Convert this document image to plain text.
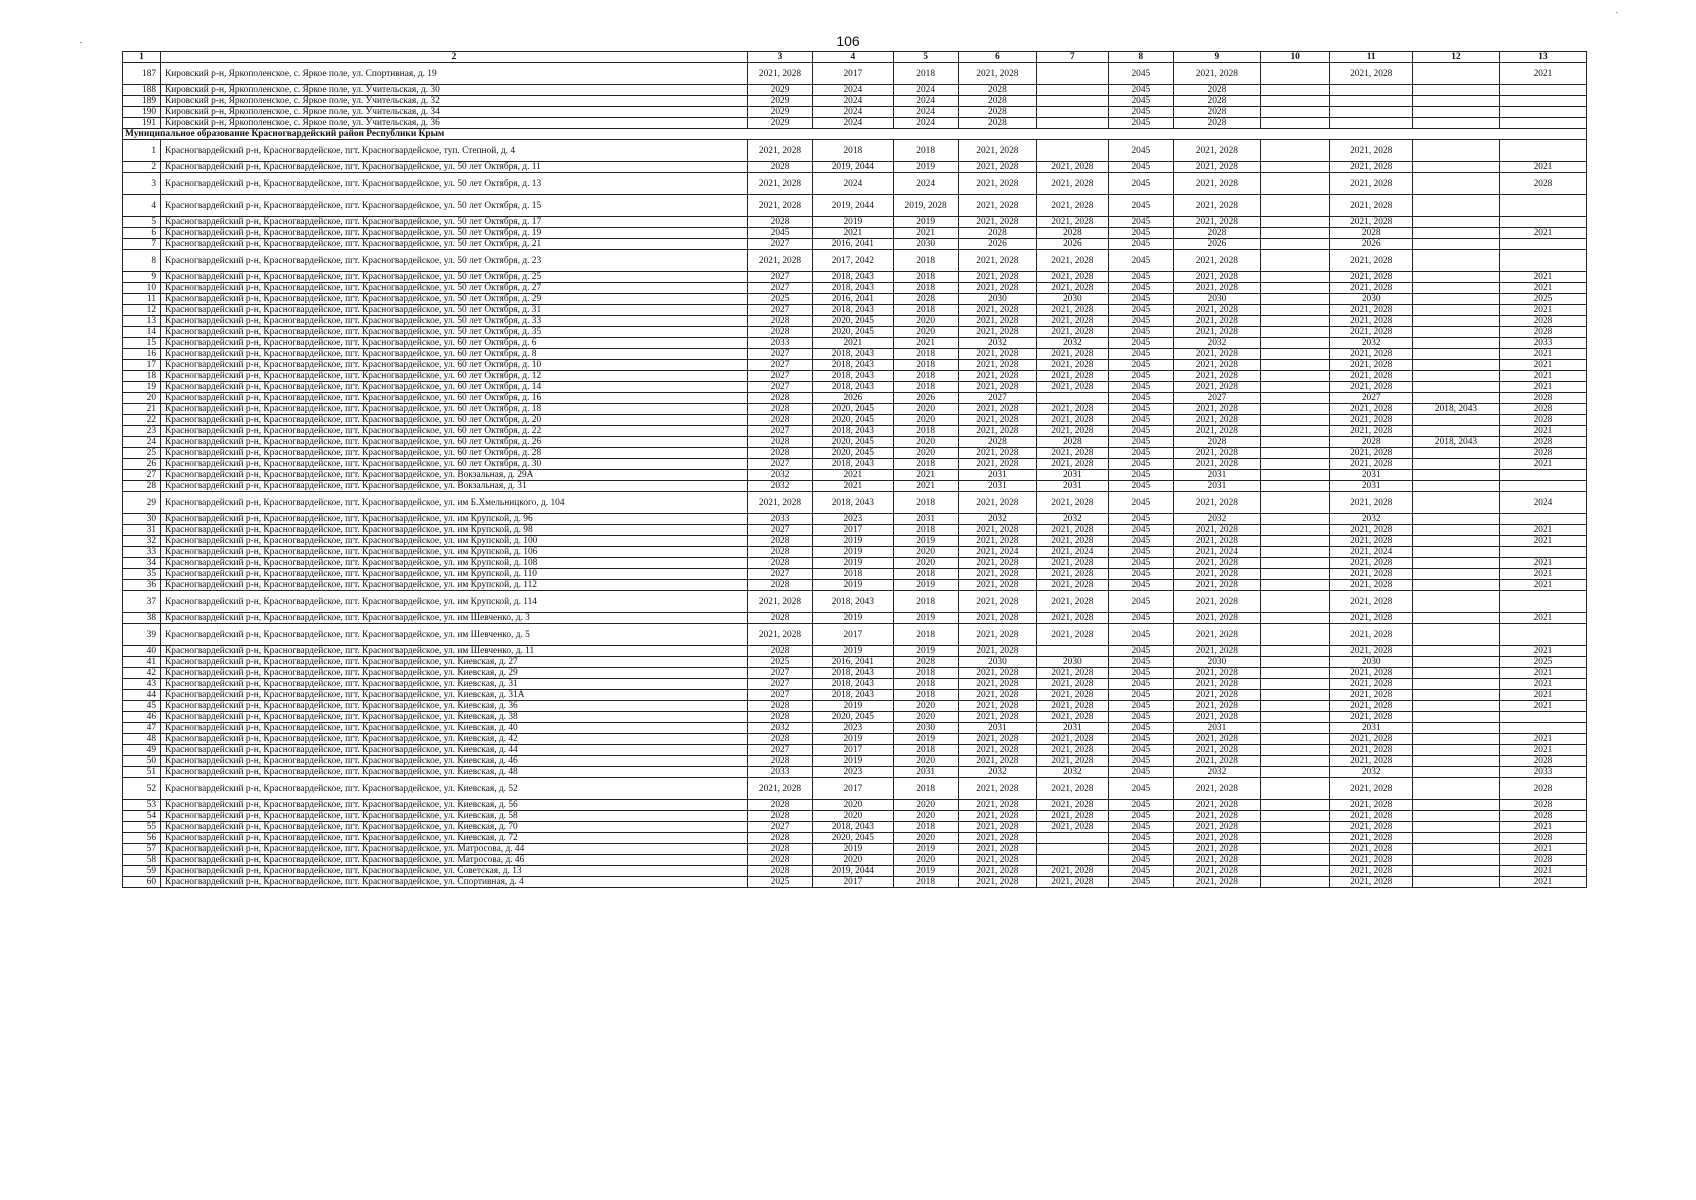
106
1	2	3	4	5	6	7	8	9	10	11	12	13
187	Кировский р-н, Яркополенское, с. Яркое поле, ул. Спортивная, д. 19	2021, 2028	2017	2018	2021, 2028		2045	2021, 2028		2021, 2028		2021
188	Кировский р-н, Яркополенское, с. Яркое поле, ул. Учительская, д. 30	2029	2024	2024	2028		2045	2028				
189	Кировский р-н, Яркополенское, с. Яркое поле, ул. Учительская, д. 32	2029	2024	2024	2028		2045	2028				
190	Кировский р-н, Яркополенское, с. Яркое поле, ул. Учительская, д. 34	2029	2024	2024	2028		2045	2028				
191	Кировский р-н, Яркополенское, с. Яркое поле, ул. Учительская, д. 36	2029	2024	2024	2028		2045	2028				
Муниципальное образование Красногвардейский район Республики Крым												
1	Красногвардейский р-н, Красногвардейское, пгт. Красногвардейское, туп. Степной, д. 4	2021, 2028	2018	2018	2021, 2028		2045	2021, 2028		2021, 2028		
2	Красногвардейский р-н, Красногвардейское, пгт. Красногвардейское, ул. 50 лет Октября, д. 11	2028	2019, 2044	2019	2021, 2028	2021, 2028	2045	2021, 2028		2021, 2028		2021
3	Красногвардейский р-н, Красногвардейское, пгт. Красногвардейское, ул. 50 лет Октября, д. 13	2021, 2028	2024	2024	2021, 2028	2021, 2028	2045	2021, 2028		2021, 2028		2028
4	Красногвардейский р-н, Красногвардейское, пгт. Красногвардейское, ул. 50 лет Октября, д. 15	2021, 2028	2019, 2044	2019, 2028	2021, 2028	2021, 2028	2045	2021, 2028		2021, 2028		
5	Красногвардейский р-н, Красногвардейское, пгт. Красногвардейское, ул. 50 лет Октября, д. 17	2028	2019	2019	2021, 2028	2021, 2028	2045	2021, 2028		2021, 2028		
6	Красногвардейский р-н, Красногвардейское, пгт. Красногвардейское, ул. 50 лет Октября, д. 19	2045	2021	2021	2028	2028	2045	2028		2028		2021
7	Красногвардейский р-н, Красногвардейское, пгт. Красногвардейское, ул. 50 лет Октября, д. 21	2027	2016, 2041	2030	2026	2026	2045	2026		2026		
8	Красногвардейский р-н, Красногвардейское, пгт. Красногвардейское, ул. 50 лет Октября, д. 23	2021, 2028	2017, 2042	2018	2021, 2028	2021, 2028	2045	2021, 2028		2021, 2028		
9	Красногвардейский р-н, Красногвардейское, пгт. Красногвардейское, ул. 50 лет Октября, д. 25	2027	2018, 2043	2018	2021, 2028	2021, 2028	2045	2021, 2028		2021, 2028		2021
10	Красногвардейский р-н, Красногвардейское, пгт. Красногвардейское, ул. 50 лет Октября, д. 27	2027	2018, 2043	2018	2021, 2028	2021, 2028	2045	2021, 2028		2021, 2028		2021
11	Красногвардейский р-н, Красногвардейское, пгт. Красногвардейское, ул. 50 лет Октября, д. 29	2025	2016, 2041	2028	2030	2030	2045	2030		2030		2025
12	Красногвардейский р-н, Красногвардейское, пгт. Красногвардейское, ул. 50 лет Октября, д. 31	2027	2018, 2043	2018	2021, 2028	2021, 2028	2045	2021, 2028		2021, 2028		2021
13	Красногвардейский р-н, Красногвардейское, пгт. Красногвардейское, ул. 50 лет Октября, д. 33	2028	2020, 2045	2020	2021, 2028	2021, 2028	2045	2021, 2028		2021, 2028		2028
14	Красногвардейский р-н, Красногвардейское, пгт. Красногвардейское, ул. 50 лет Октября, д. 35	2028	2020, 2045	2020	2021, 2028	2021, 2028	2045	2021, 2028		2021, 2028		2028
15	Красногвардейский р-н, Красногвардейское, пгт. Красногвардейское, ул. 60 лет Октября, д. 6	2033	2021	2021	2032	2032	2045	2032		2032		2033
16	Красногвардейский р-н, Красногвардейское, пгт. Красногвардейское, ул. 60 лет Октября, д. 8	2027	2018, 2043	2018	2021, 2028	2021, 2028	2045	2021, 2028		2021, 2028		2021
17	Красногвардейский р-н, Красногвардейское, пгт. Красногвардейское, ул. 60 лет Октября, д. 10	2027	2018, 2043	2018	2021, 2028	2021, 2028	2045	2021, 2028		2021, 2028		2021
18	Красногвардейский р-н, Красногвардейское, пгт. Красногвардейское, ул. 60 лет Октября, д. 12	2027	2018, 2043	2018	2021, 2028	2021, 2028	2045	2021, 2028		2021, 2028		2021
19	Красногвардейский р-н, Красногвардейское, пгт. Красногвардейское, ул. 60 лет Октября, д. 14	2027	2018, 2043	2018	2021, 2028	2021, 2028	2045	2021, 2028		2021, 2028		2021
20	Красногвардейский р-н, Красногвардейское, пгт. Красногвардейское, ул. 60 лет Октября, д. 16	2028	2026	2026	2027		2045	2027		2027		2028
21	Красногвардейский р-н, Красногвардейское, пгт. Красногвардейское, ул. 60 лет Октября, д. 18	2028	2020, 2045	2020	2021, 2028	2021, 2028	2045	2021, 2028		2021, 2028	2018, 2043	2028
22	Красногвардейский р-н, Красногвардейское, пгт. Красногвардейское, ул. 60 лет Октября, д. 20	2028	2020, 2045	2020	2021, 2028	2021, 2028	2045	2021, 2028		2021, 2028		2028
23	Красногвардейский р-н, Красногвардейское, пгт. Красногвардейское, ул. 60 лет Октября, д. 22	2027	2018, 2043	2018	2021, 2028	2021, 2028	2045	2021, 2028		2021, 2028		2021
24	Красногвардейский р-н, Красногвардейское, пгт. Красногвардейское, ул. 60 лет Октября, д. 26	2028	2020, 2045	2020	2028	2028	2045	2028		2028	2018, 2043	2028
25	Красногвардейский р-н, Красногвардейское, пгт. Красногвардейское, ул. 60 лет Октября, д. 28	2028	2020, 2045	2020	2021, 2028	2021, 2028	2045	2021, 2028		2021, 2028		2028
26	Красногвардейский р-н, Красногвардейское, пгт. Красногвардейское, ул. 60 лет Октября, д. 30	2027	2018, 2043	2018	2021, 2028	2021, 2028	2045	2021, 2028		2021, 2028		2021
27	Красногвардейский р-н, Красногвардейское, пгт. Красногвардейское, ул. Вокзальная, д. 29А	2032	2021	2021	2031	2031	2045	2031		2031		
28	Красногвардейский р-н, Красногвардейское, пгт. Красногвардейское, ул. Вокзальная, д. 31	2032	2021	2021	2031	2031	2045	2031		2031		
29	Красногвардейский р-н, Красногвардейское, пгт. Красногвардейское, ул. им Б.Хмельницкого, д. 104	2021, 2028	2018, 2043	2018	2021, 2028	2021, 2028	2045	2021, 2028		2021, 2028		2024
30	Красногвардейский р-н, Красногвардейское, пгт. Красногвардейское, ул. им Крупской, д. 96	2033	2023	2031	2032	2032	2045	2032		2032		
31	Красногвардейский р-н, Красногвардейское, пгт. Красногвардейское, ул. им Крупской, д. 98	2027	2017	2018	2021, 2028	2021, 2028	2045	2021, 2028		2021, 2028		2021
32	Красногвардейский р-н, Красногвардейское, пгт. Красногвардейское, ул. им Крупской, д. 100	2028	2019	2019	2021, 2028	2021, 2028	2045	2021, 2028		2021, 2028		2021
33	Красногвардейский р-н, Красногвардейское, пгт. Красногвардейское, ул. им Крупской, д. 106	2028	2019	2020	2021, 2024	2021, 2024	2045	2021, 2024		2021, 2024		
34	Красногвардейский р-н, Красногвардейское, пгт. Красногвардейское, ул. им Крупской, д. 108	2028	2019	2020	2021, 2028	2021, 2028	2045	2021, 2028		2021, 2028		2021
35	Красногвардейский р-н, Красногвардейское, пгт. Красногвардейское, ул. им Крупской, д. 110	2027	2018	2018	2021, 2028	2021, 2028	2045	2021, 2028		2021, 2028		2021
36	Красногвардейский р-н, Красногвардейское, пгт. Красногвардейское, ул. им Крупской, д. 112	2028	2019	2019	2021, 2028	2021, 2028	2045	2021, 2028		2021, 2028		2021
37	Красногвардейский р-н, Красногвардейское, пгт. Красногвардейское, ул. им Крупской, д. 114	2021, 2028	2018, 2043	2018	2021, 2028	2021, 2028	2045	2021, 2028		2021, 2028		
38	Красногвардейский р-н, Красногвардейское, пгт. Красногвардейское, ул. им Шевченко, д. 3	2028	2019	2019	2021, 2028	2021, 2028	2045	2021, 2028		2021, 2028		2021
39	Красногвардейский р-н, Красногвардейское, пгт. Красногвардейское, ул. им Шевченко, д. 5	2021, 2028	2017	2018	2021, 2028	2021, 2028	2045	2021, 2028		2021, 2028		
40	Красногвардейский р-н, Красногвардейское, пгт. Красногвардейское, ул. им Шевченко, д. 11	2028	2019	2019	2021, 2028		2045	2021, 2028		2021, 2028		2021
41	Красногвардейский р-н, Красногвардейское, пгт. Красногвардейское, ул. Киевская, д. 27	2025	2016, 2041	2028	2030	2030	2045	2030		2030		2025
42	Красногвардейский р-н, Красногвардейское, пгт. Красногвардейское, ул. Киевская, д. 29	2027	2018, 2043	2018	2021, 2028	2021, 2028	2045	2021, 2028		2021, 2028		2021
43	Красногвардейский р-н, Красногвардейское, пгт. Красногвардейское, ул. Киевская, д. 31	2027	2018, 2043	2018	2021, 2028	2021, 2028	2045	2021, 2028		2021, 2028		2021
44	Красногвардейский р-н, Красногвардейское, пгт. Красногвардейское, ул. Киевская, д. 31А	2027	2018, 2043	2018	2021, 2028	2021, 2028	2045	2021, 2028		2021, 2028		2021
45	Красногвардейский р-н, Красногвардейское, пгт. Красногвардейское, ул. Киевская, д. 36	2028	2019	2020	2021, 2028	2021, 2028	2045	2021, 2028		2021, 2028		2021
46	Красногвардейский р-н, Красногвардейское, пгт. Красногвардейское, ул. Киевская, д. 38	2028	2020, 2045	2020	2021, 2028	2021, 2028	2045	2021, 2028		2021, 2028		
47	Красногвардейский р-н, Красногвардейское, пгт. Красногвардейское, ул. Киевская, д. 40	2032	2023	2030	2031	2031	2045	2031		2031		
48	Красногвардейский р-н, Красногвардейское, пгт. Красногвардейское, ул. Киевская, д. 42	2028	2019	2019	2021, 2028	2021, 2028	2045	2021, 2028		2021, 2028		2021
49	Красногвардейский р-н, Красногвардейское, пгт. Красногвардейское, ул. Киевская, д. 44	2027	2017	2018	2021, 2028	2021, 2028	2045	2021, 2028		2021, 2028		2021
50	Красногвардейский р-н, Красногвардейское, пгт. Красногвардейское, ул. Киевская, д. 46	2028	2019	2020	2021, 2028	2021, 2028	2045	2021, 2028		2021, 2028		2028
51	Красногвардейский р-н, Красногвардейское, пгт. Красногвардейское, ул. Киевская, д. 48	2033	2023	2031	2032	2032	2045	2032		2032		2033
52	Красногвардейский р-н, Красногвардейское, пгт. Красногвардейское, ул. Киевская, д. 52	2021, 2028	2017	2018	2021, 2028	2021, 2028	2045	2021, 2028		2021, 2028		2028
53	Красногвардейский р-н, Красногвардейское, пгт. Красногвардейское, ул. Киевская, д. 56	2028	2020	2020	2021, 2028	2021, 2028	2045	2021, 2028		2021, 2028		2028
54	Красногвардейский р-н, Красногвардейское, пгт. Красногвардейское, ул. Киевская, д. 58	2028	2020	2020	2021, 2028	2021, 2028	2045	2021, 2028		2021, 2028		2028
55	Красногвардейский р-н, Красногвардейское, пгт. Красногвардейское, ул. Киевская, д. 70	2027	2018, 2043	2018	2021, 2028	2021, 2028	2045	2021, 2028		2021, 2028		2021
56	Красногвардейский р-н, Красногвардейское, пгт. Красногвардейское, ул. Киевская, д. 72	2028	2020, 2045	2020	2021, 2028		2045	2021, 2028		2021, 2028		2028
57	Красногвардейский р-н, Красногвардейское, пгт. Красногвардейское, ул. Матросова, д. 44	2028	2019	2019	2021, 2028		2045	2021, 2028		2021, 2028		2021
58	Красногвардейский р-н, Красногвардейское, пгт. Красногвардейское, ул. Матросова, д. 46	2028	2020	2020	2021, 2028		2045	2021, 2028		2021, 2028		2028
59	Красногвардейский р-н, Красногвардейское, пгт. Красногвардейское, ул. Советская, д. 13	2028	2019, 2044	2019	2021, 2028	2021, 2028	2045	2021, 2028		2021, 2028		2021
60	Красногвардейский р-н, Красногвардейское, пгт. Красногвардейское, ул. Спортивная, д. 4	2025	2017	2018	2021, 2028	2021, 2028	2045	2021, 2028		2021, 2028		2021
